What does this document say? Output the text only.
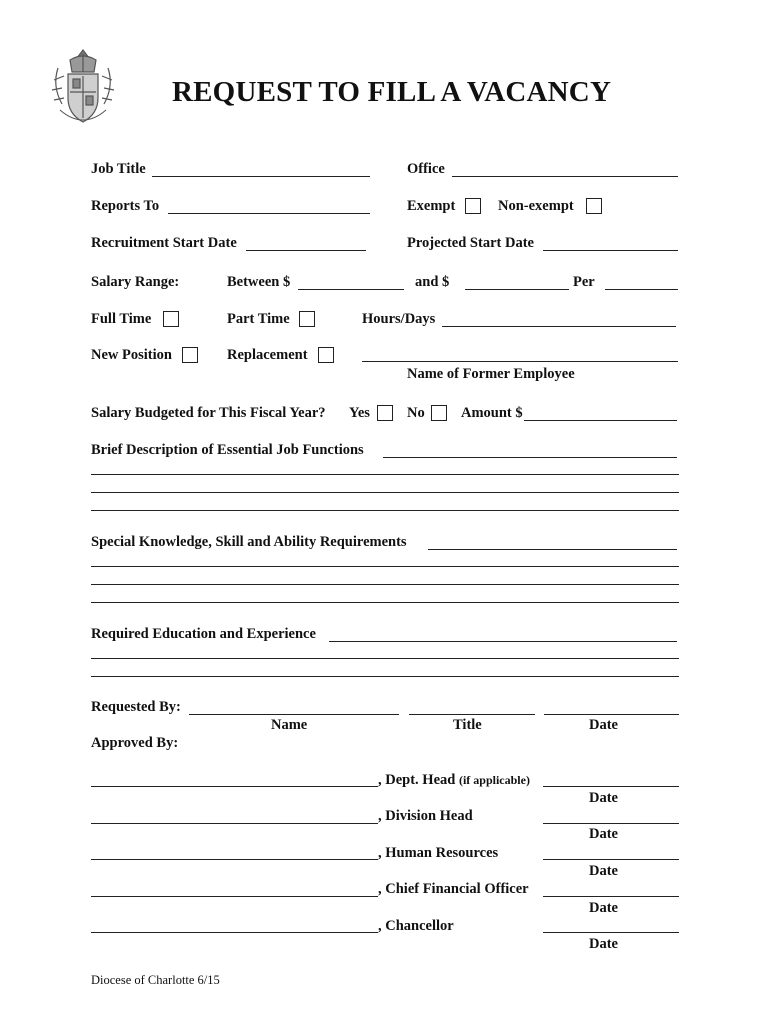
REQUEST TO FILL A VACANCY
Job Title	Office
Reports To	Exempt	Non-exempt
Recruitment Start Date	Projected Start Date
Salary Range:	Between $	and $	Per
Full Time	Part Time	Hours/Days
New Position	Replacement
Name of Former Employee
Salary Budgeted for This Fiscal Year? Yes	No	Amount $
Brief Description of Essential Job Functions
Special Knowledge, Skill and Ability Requirements
Required Education and Experience
Requested By:
Name	Title	Date
Approved By:
, Dept. Head (if applicable)
Date
, Division Head
Date
, Human Resources
Date
, Chief Financial Officer
Date
, Chancellor
Date
Diocese of Charlotte 6/15
